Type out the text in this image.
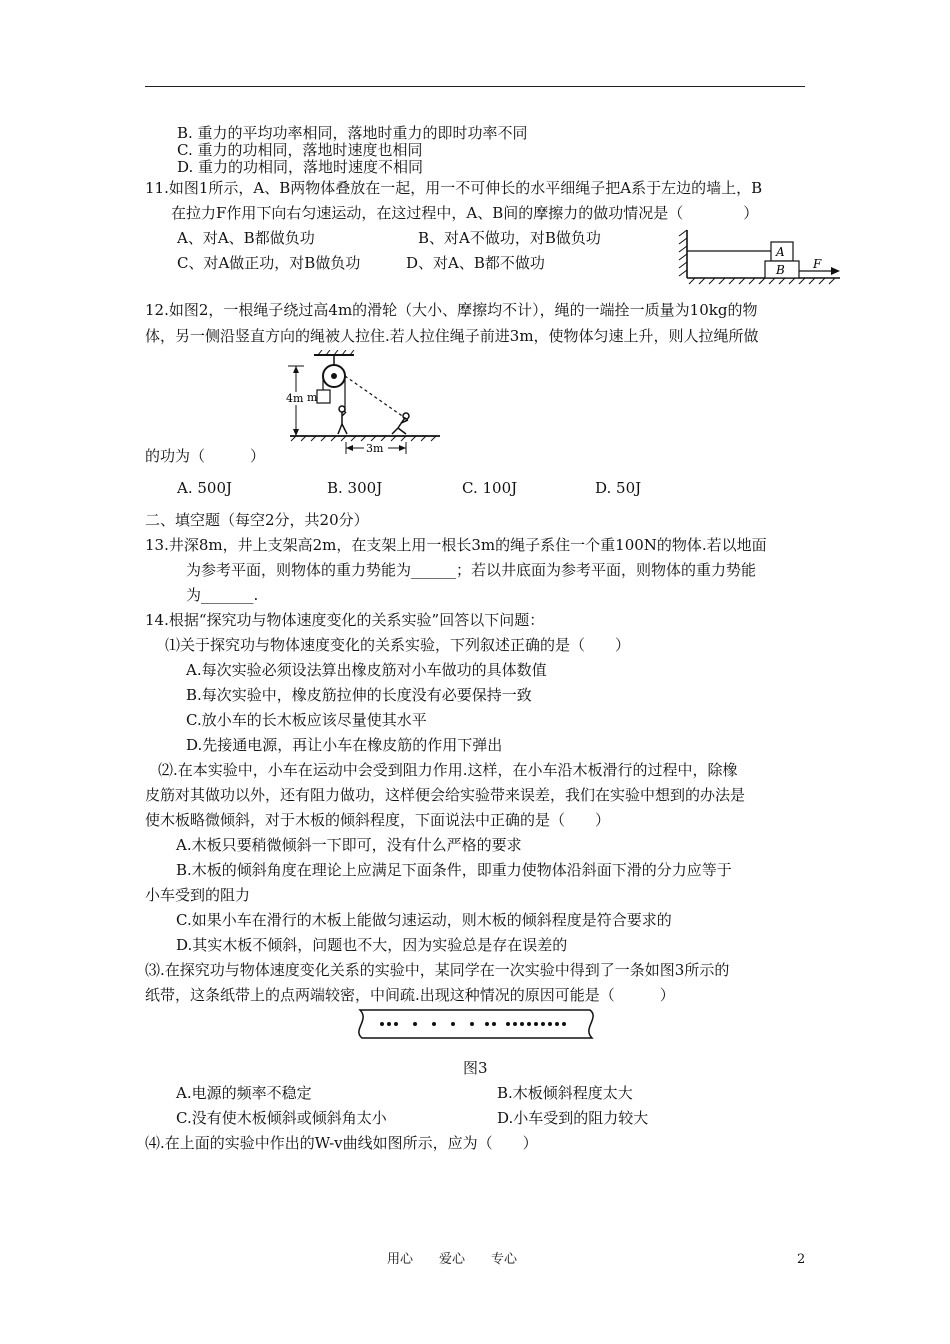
B. 重力的平均功率相同，落地时重力的即时功率不同
C. 重力的功相同，落地时速度也相同
D. 重力的功相同，落地时速度不相同
11.如图1所示，A、B两物体叠放在一起，用一不可伸长的水平细绳子把A系于左边的墙上，B
在拉力F作用下向右匀速运动，在这过程中，A、B间的摩擦力的做功情况是（　　　　）
A、对A、B都做负功	B、对A不做功，对B做负功
C、对A做正功，对B做负功	D、对A、B都不做功
A
B F
12.如图2，一根绳子绕过高4m的滑轮（大小、摩擦均不计），绳的一端拴一质量为10kg的物
体，另一侧沿竖直方向的绳被人拉住.若人拉住绳子前进3m，使物体匀速上升，则人拉绳所做
m
4m
3m
的功为（　　　）
A. 500J	B. 300J	C. 100J	D. 50J
二、填空题（每空2分，共20分）
13.井深8m，井上支架高2m，在支架上用一根长3m的绳子系住一个重100N的物体.若以地面
为参考平面，则物体的重力势能为______；若以井底面为参考平面，则物体的重力势能
为_______.
14.根据“探究功与物体速度变化的关系实验”回答以下问题：
⑴关于探究功与物体速度变化的关系实验，下列叙述正确的是（　　）
A.每次实验必须设法算出橡皮筋对小车做功的具体数值
B.每次实验中，橡皮筋拉伸的长度没有必要保持一致
C.放小车的长木板应该尽量使其水平
D.先接通电源，再让小车在橡皮筋的作用下弹出
⑵.在本实验中，小车在运动中会受到阻力作用.这样，在小车沿木板滑行的过程中，除橡
皮筋对其做功以外，还有阻力做功，这样便会给实验带来误差，我们在实验中想到的办法是
使木板略微倾斜，对于木板的倾斜程度，下面说法中正确的是（　　）
A.木板只要稍微倾斜一下即可，没有什么严格的要求
B.木板的倾斜角度在理论上应满足下面条件，即重力使物体沿斜面下滑的分力应等于
小车受到的阻力
C.如果小车在滑行的木板上能做匀速运动，则木板的倾斜程度是符合要求的
D.其实木板不倾斜，问题也不大，因为实验总是存在误差的
⑶.在探究功与物体速度变化关系的实验中，某同学在一次实验中得到了一条如图3所示的
纸带，这条纸带上的点两端较密，中间疏.出现这种情况的原因可能是（　　　）
图3
A.电源的频率不稳定	B.木板倾斜程度太大
C.没有使木板倾斜或倾斜角太小	D.小车受到的阻力较大
⑷.在上面的实验中作出的W-v曲线如图所示，应为（　　）
用心　　爱心　　专心	2
